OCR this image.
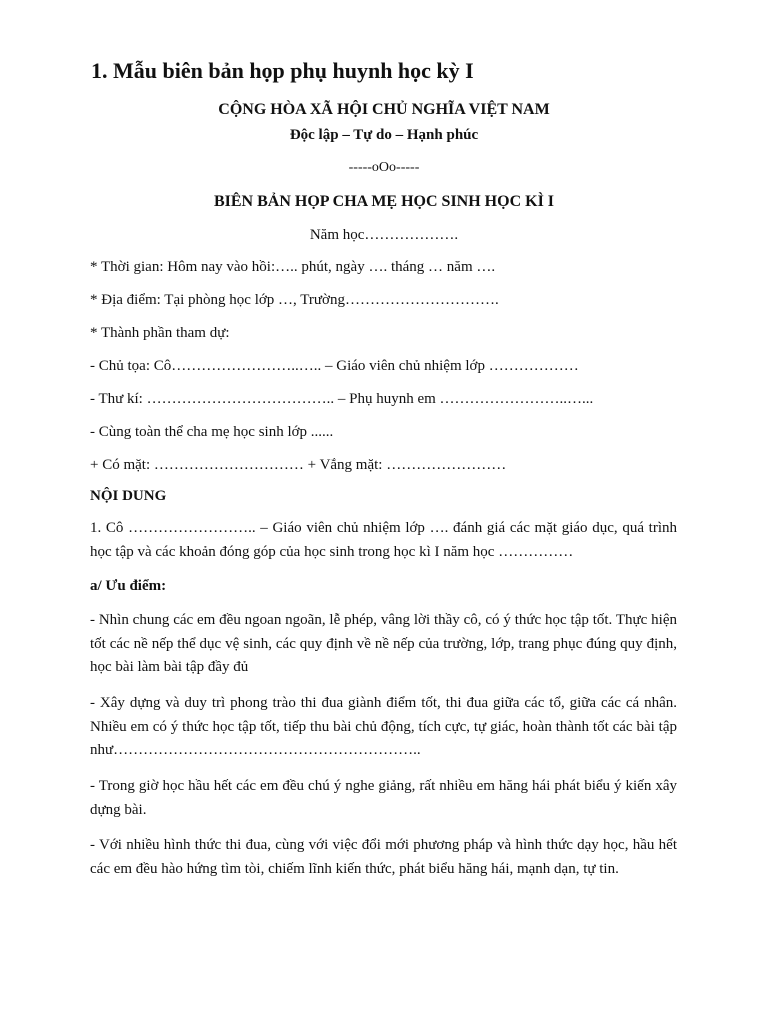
1. Mẫu biên bản họp phụ huynh học kỳ I
CỘNG HÒA XÃ HỘI CHỦ NGHĨA VIỆT NAM
Độc lập – Tự do – Hạnh phúc
-----oOo-----
BIÊN BẢN HỌP CHA MẸ HỌC SINH HỌC KÌ I
Năm học……………….
* Thời gian: Hôm nay vào hồi:….. phút, ngày …. tháng … năm ….
* Địa điểm: Tại phòng học lớp …, Trường………………………….
* Thành phần tham dự:
- Chủ tọa: Cô……………………..….. – Giáo viên chủ nhiệm lớp ………………
- Thư kí: ……………………………….. – Phụ huynh em ……………………..…...
- Cùng toàn thể cha mẹ học sinh lớp ......
+ Có mặt: ………………………… + Vắng mặt: ……………………
NỘI DUNG
1. Cô …………………….. – Giáo viên chủ nhiệm lớp …. đánh giá các mặt giáo dục, quá trình học tập và các khoản đóng góp của học sinh trong học kì I năm học ……………
a/ Ưu điểm:
- Nhìn chung các em đều ngoan ngoãn, lễ phép, vâng lời thầy cô, có ý thức học tập tốt. Thực hiện tốt các nề nếp thể dục vệ sinh, các quy định về nề nếp của trường, lớp, trang phục đúng quy định, học bài làm bài tập đầy đủ
- Xây dựng và duy trì phong trào thi đua giành điểm tốt, thi đua giữa các tổ, giữa các cá nhân. Nhiều em có ý thức học tập tốt, tiếp thu bài chủ động, tích cực, tự giác, hoàn thành tốt các bài tập như……………………………………………………..
- Trong giờ học hầu hết các em đều chú ý nghe giảng, rất nhiều em hăng hái phát biểu ý kiến xây dựng bài.
- Với nhiều hình thức thi đua, cùng với việc đổi mới phương pháp và hình thức dạy học, hầu hết các em đều hào hứng tìm tòi, chiếm lĩnh kiến thức, phát biểu hăng hái, mạnh dạn, tự tin.
